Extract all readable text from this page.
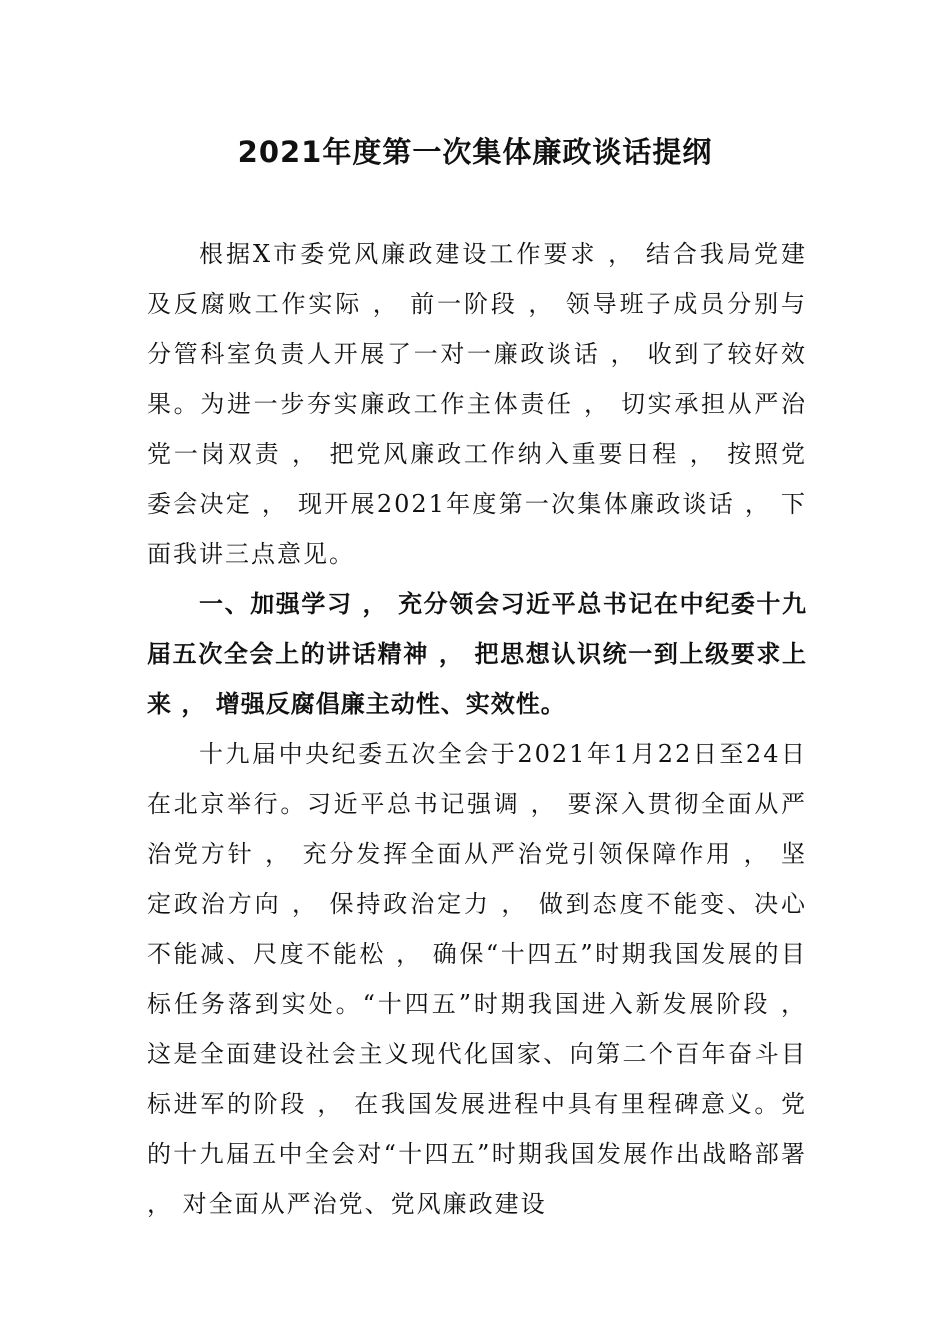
2021年度第一次集体廉政谈话提纲

根据X市委党风廉政建设工作要求 ， 结合我局党建及反腐败工作实际 ， 前一阶段 ， 领导班子成员分别与分管科室负责人开展了一对一廉政谈话 ， 收到了较好效果。为进一步夯实廉政工作主体责任 ， 切实承担从严治党一岗双责 ， 把党风廉政工作纳入重要日程 ， 按照党委会决定 ， 现开展2021年度第一次集体廉政谈话 ， 下面我讲三点意见。

一、加强学习 ， 充分领会习近平总书记在中纪委十九届五次全会上的讲话精神 ， 把思想认识统一到上级要求上来 ， 增强反腐倡廉主动性、实效性。

十九届中央纪委五次全会于2021年1月22日至24日在北京举行。习近平总书记强调 ， 要深入贯彻全面从严治党方针 ， 充分发挥全面从严治党引领保障作用 ， 坚定政治方向 ， 保持政治定力 ， 做到态度不能变、决心不能减、尺度不能松 ， 确保“十四五”时期我国发展的目标任务落到实处。“十四五”时期我国进入新发展阶段 ， 这是全面建设社会主义现代化国家、向第二个百年奋斗目标进军的阶段 ， 在我国发展进程中具有里程碑意义。党的十九届五中全会对“十四五”时期我国发展作出战略部署 ， 对全面从严治党、党风廉政建设
